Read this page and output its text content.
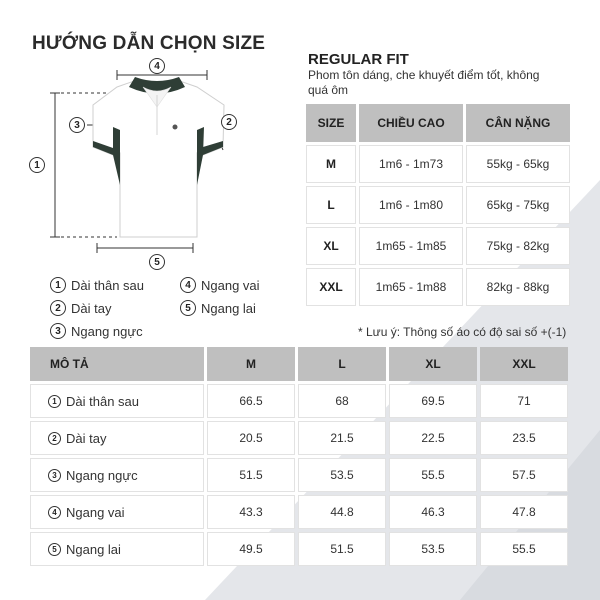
HƯỚNG DẪN CHỌN SIZE
REGULAR FIT
Phom tôn dáng, che khuyết điểm tốt, không quá ôm
4
1
3	2
5
1 Dài thân sau
2 Dài tay
3 Ngang ngực
4 Ngang vai
5 Ngang lai
SIZE	CHIỀU CAO	CÂN NẶNG
M	1m6 - 1m73	55kg - 65kg
L	1m6 - 1m80	65kg - 75kg
XL	1m65 - 1m85	75kg - 82kg
XXL	1m65 - 1m88	82kg - 88kg
* Lưu ý: Thông số áo có độ sai số +(-1)
MÔ TẢ	M	L	XL	XXL

1 Dài thân sau	66.5	68	69.5	71

2 Dài tay	20.5	21.5	22.5	23.5

3 Ngang ngực	51.5	53.5	55.5	57.5

4 Ngang vai	43.3	44.8	46.3	47.8

5 Ngang lai	49.5	51.5	53.5	55.5
